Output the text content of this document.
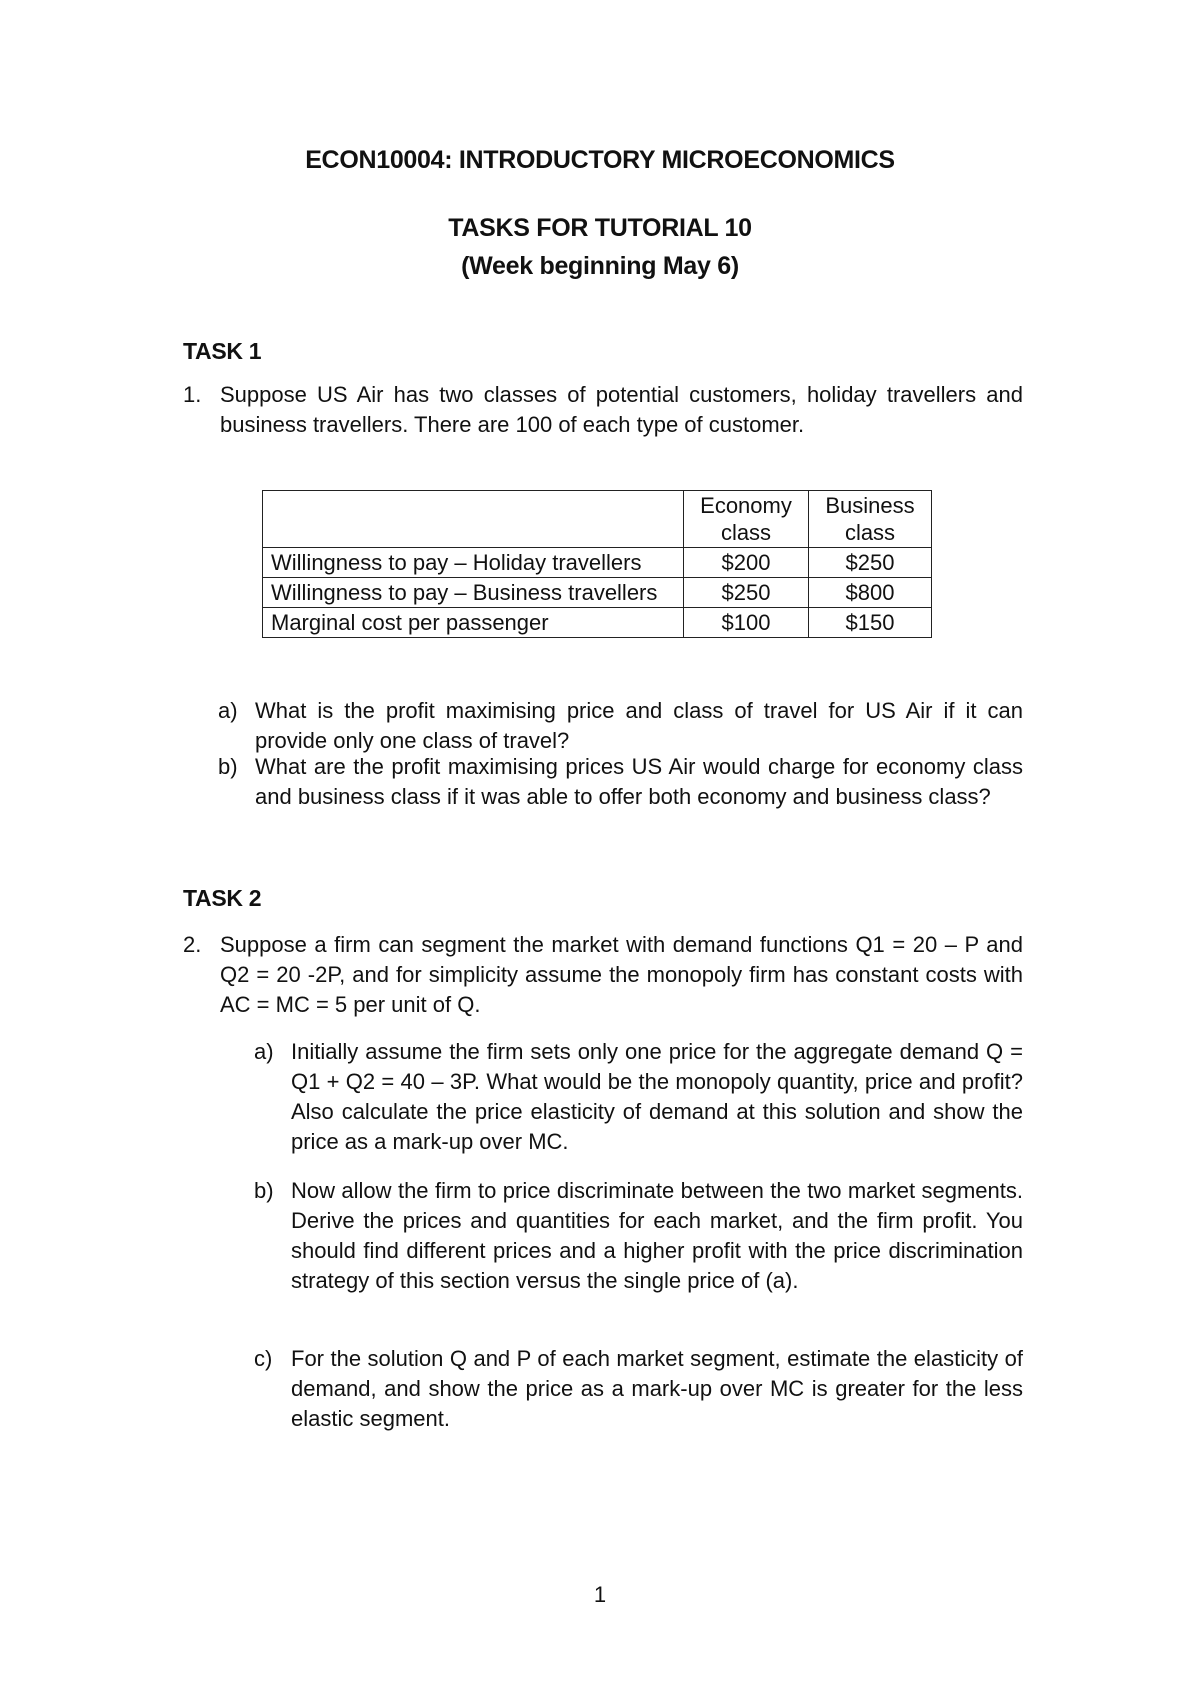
ECON10004: INTRODUCTORY MICROECONOMICS
TASKS FOR TUTORIAL 10
(Week beginning May 6)
TASK 1
1. Suppose US Air has two classes of potential customers, holiday travellers and business travellers. There are 100 of each type of customer.
	Economy class	Business class
Willingness to pay – Holiday travellers	$200	$250
Willingness to pay – Business travellers	$250	$800
Marginal cost per passenger	$100	$150
a) What is the profit maximising price and class of travel for US Air if it can provide only one class of travel?
b) What are the profit maximising prices US Air would charge for economy class and business class if it was able to offer both economy and business class?
TASK 2
2. Suppose a firm can segment the market with demand functions Q1 = 20 – P and Q2 = 20 -2P, and for simplicity assume the monopoly firm has constant costs with AC = MC = 5 per unit of Q.
a) Initially assume the firm sets only one price for the aggregate demand Q = Q1 + Q2 = 40 – 3P. What would be the monopoly quantity, price and profit? Also calculate the price elasticity of demand at this solution and show the price as a mark-up over MC.
b) Now allow the firm to price discriminate between the two market segments. Derive the prices and quantities for each market, and the firm profit. You should find different prices and a higher profit with the price discrimination strategy of this section versus the single price of (a).
c) For the solution Q and P of each market segment, estimate the elasticity of demand, and show the price as a mark-up over MC is greater for the less elastic segment.
1
